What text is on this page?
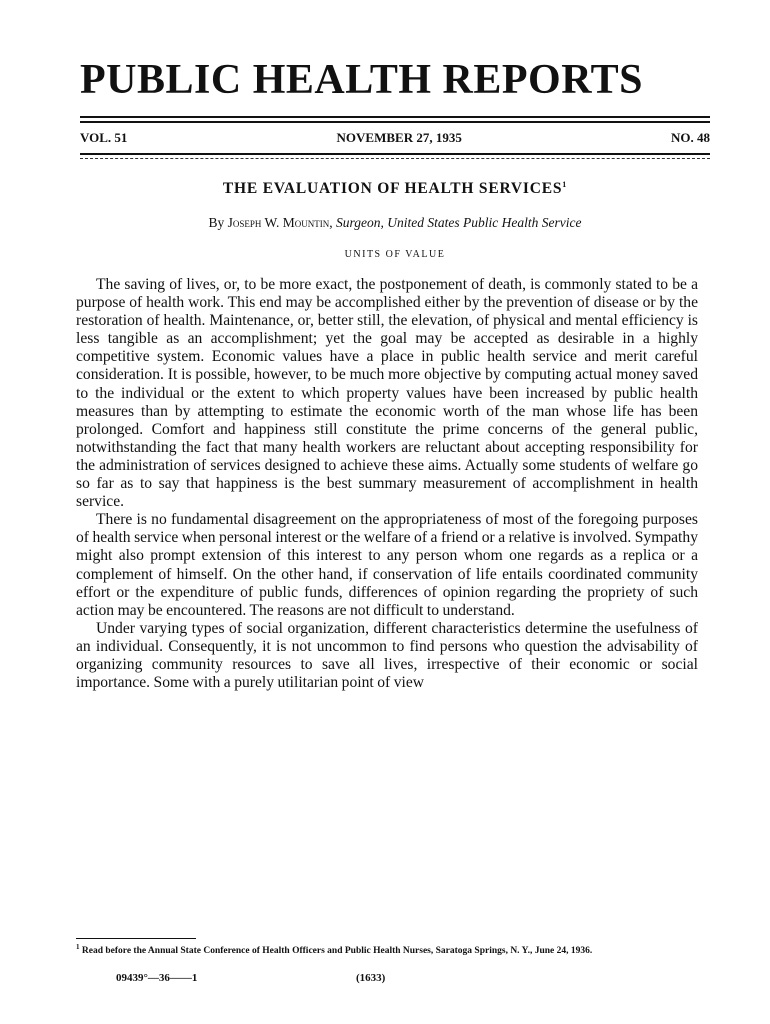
PUBLIC HEALTH REPORTS
VOL. 51	NOVEMBER 27, 1935	NO. 48
THE EVALUATION OF HEALTH SERVICES$^1$
By Joseph W. Mountin, Surgeon, United States Public Health Service
UNITS OF VALUE

The saving of lives, or, to be more exact, the postponement of death, is commonly stated to be a purpose of health work. This end may be accomplished either by the prevention of disease or by the restoration of health. Maintenance, or, better still, the elevation, of physical and mental efficiency is less tangible as an accomplishment; yet the goal may be accepted as desirable in a highly competitive system. Economic values have a place in public health service and merit careful consideration. It is possible, however, to be much more objective by computing actual money saved to the individual or the extent to which property values have been increased by public health measures than by attempting to estimate the economic worth of the man whose life has been prolonged. Comfort and happiness still constitute the prime concerns of the general public, notwithstanding the fact that many health workers are reluctant about accepting responsibility for the administration of services designed to achieve these aims. Actually some students of welfare go so far as to say that happiness is the best summary measurement of accomplishment in health service.

There is no fundamental disagreement on the appropriateness of most of the foregoing purposes of health service when personal interest or the welfare of a friend or a relative is involved. Sympathy might also prompt extension of this interest to any person whom one regards as a replica or a complement of himself. On the other hand, if conservation of life entails coordinated community effort or the expenditure of public funds, differences of opinion regarding the propriety of such action may be encountered. The reasons are not difficult to understand.

Under varying types of social organization, different characteristics determine the usefulness of an individual. Consequently, it is not uncommon to find persons who question the advisability of organizing community resources to save all lives, irrespective of their economic or social importance. Some with a purely utilitarian point of view

$^1$ Read before the Annual State Conference of Health Officers and Public Health Nurses, Saratoga Springs, N. Y., June 24, 1936.
09439°—36——1	(1633)
